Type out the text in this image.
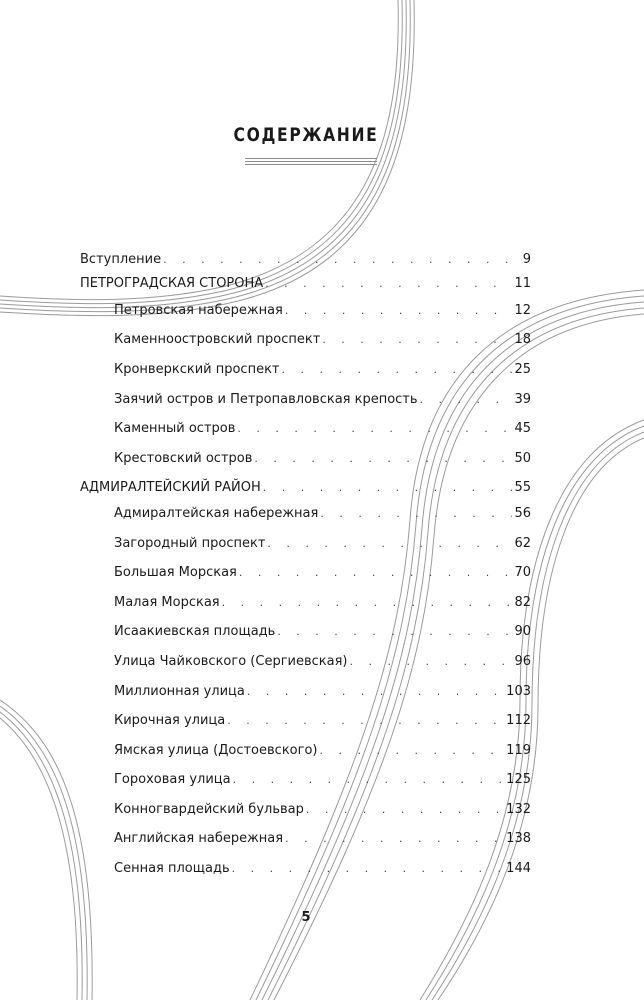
СОДЕРЖАНИЕ
Вступление . . .	9
ПЕТРОГРАДСКАЯ СТОРОНА . . .	11
Петровская набережная . . .	12
Каменноостровский проспект . . .	18
Кронверкский проспект . . .	25
Заячий остров и Петропавловская крепость . . .	39
Каменный остров . . .	45
Крестовский остров . . .	50
АДМИРАЛТЕЙСКИЙ РАЙОН . . .	55
Адмиралтейская набережная . . .	56
Загородный проспект . . .	62
Большая Морская . . .	70
Малая Морская . . .	82
Исаакиевская площадь . . .	90
Улица Чайковского (Сергиевская) . . .	96
Миллионная улица . . .	103
Кирочная улица . . .	112
Ямская улица (Достоевского) . . .	119
Гороховая улица . . .	125
Конногвардейский бульвар . . .	132
Английская набережная . . .	138
Сенная площадь . . .	144
5
